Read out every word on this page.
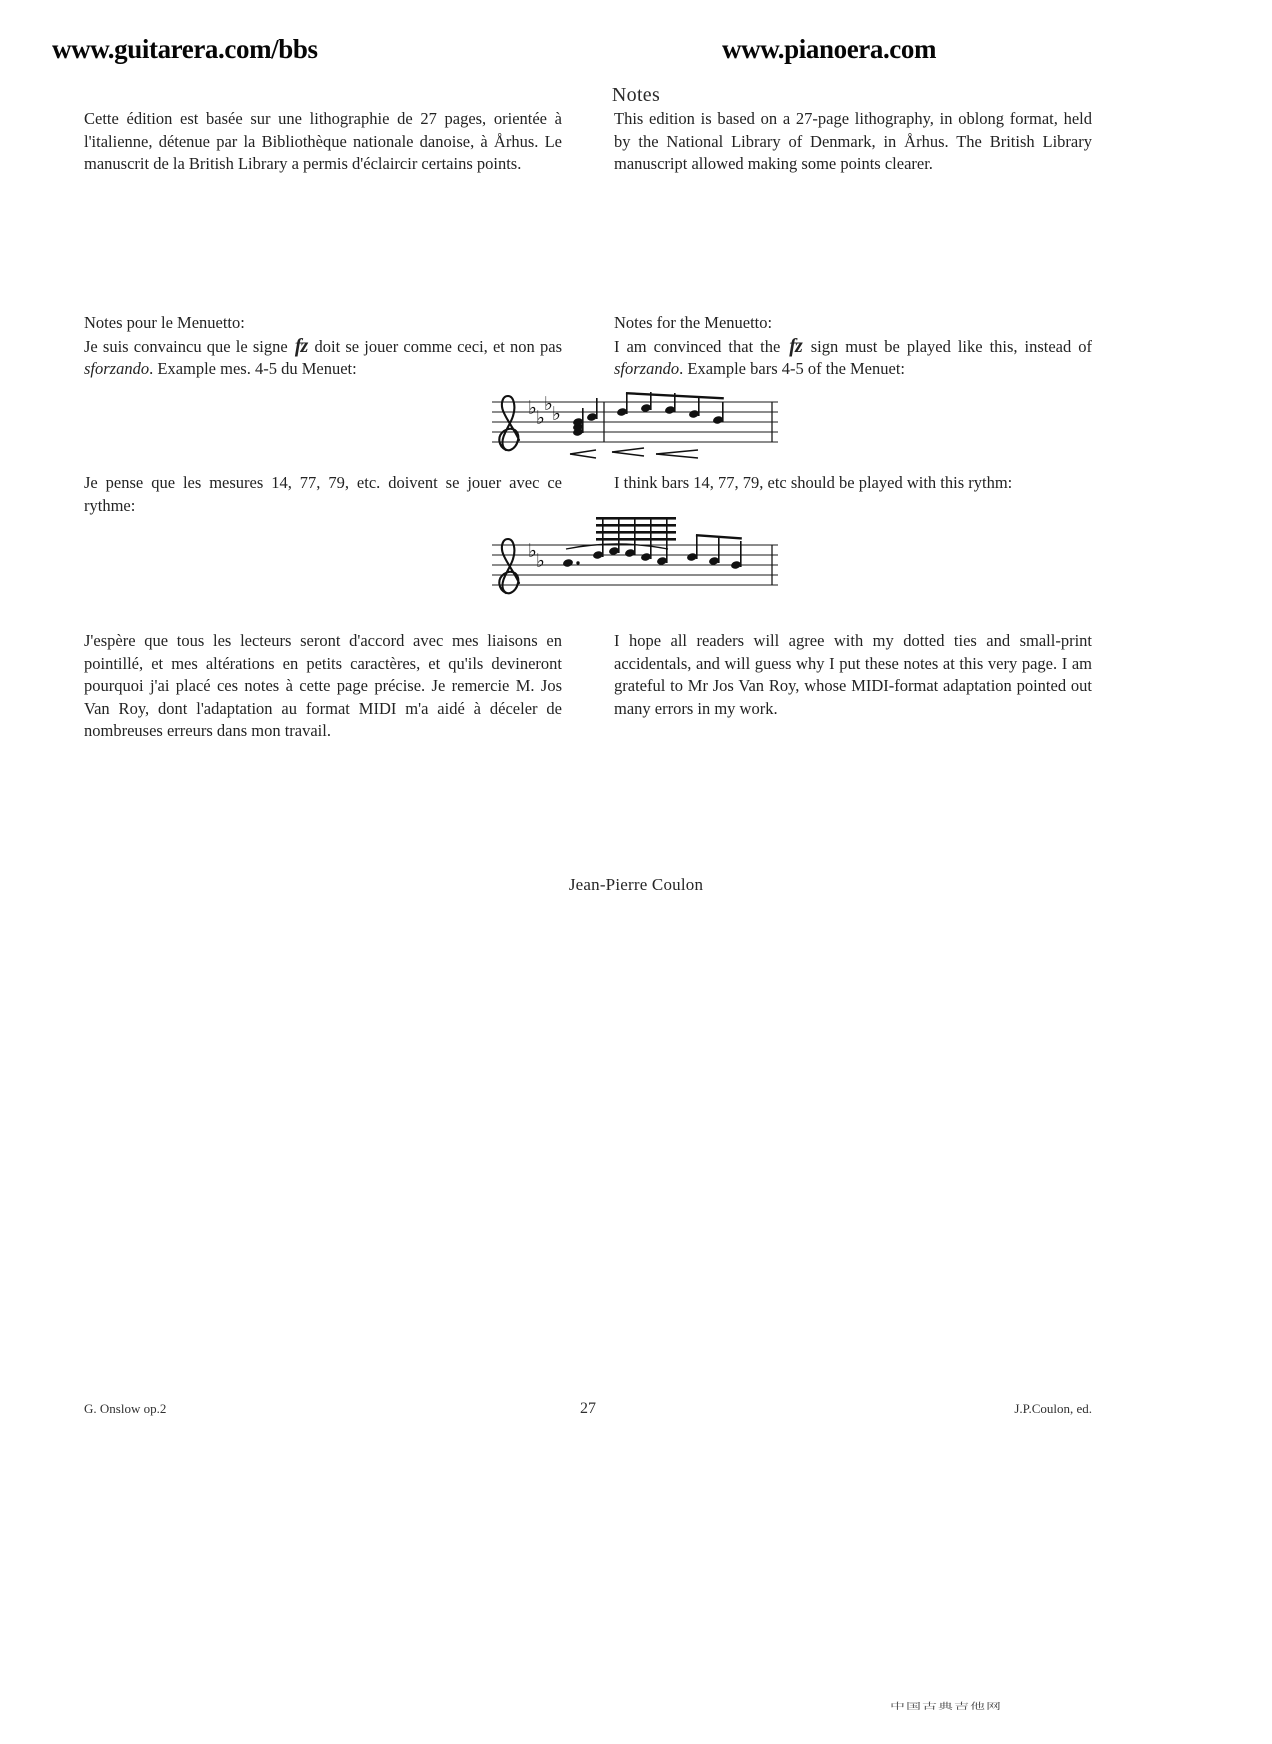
www.guitarera.com/bbs	www.pianoera.com
Notes

Cette édition est basée sur une lithographie de 27 pages, orientée à l'italienne, détenue par la Bibliothèque nationale danoise, à Århus. Le manuscrit de la British Library a permis d'éclaircir certains points.

This edition is based on a 27-page lithography, in oblong format, held by the National Library of Denmark, in Århus. The British Library manuscript allowed making some points clearer.

Notes pour le Menuetto:

Je suis convaincu que le signe fz doit se jouer comme ceci, et non pas sforzando. Example mes. 4-5 du Menuet:

Notes for the Menuetto:

I am convinced that the fz sign must be played like this, instead of sforzando. Example bars 4-5 of the Menuet:

♭ ♭
♭ ♭

Je pense que les mesures 14, 77, 79, etc. doivent se jouer avec ce rythme:

I think bars 14, 77, 79, etc should be played with this rythm:

♭ ♭

J'espère que tous les lecteurs seront d'accord avec mes liaisons en pointillé, et mes altérations en petits caractères, et qu'ils devineront pourquoi j'ai placé ces notes à cette page précise. Je remercie M. Jos Van Roy, dont l'adaptation au format MIDI m'a aidé à déceler de nombreuses erreurs dans mon travail.

I hope all readers will agree with my dotted ties and small-print accidentals, and will guess why I put these notes at this very page. I am grateful to Mr Jos Van Roy, whose MIDI-format adaptation pointed out many errors in my work.

Jean-Pierre Coulon
G. Onslow op.2	27	J.P.Coulon, ed.
中国古典吉他网
